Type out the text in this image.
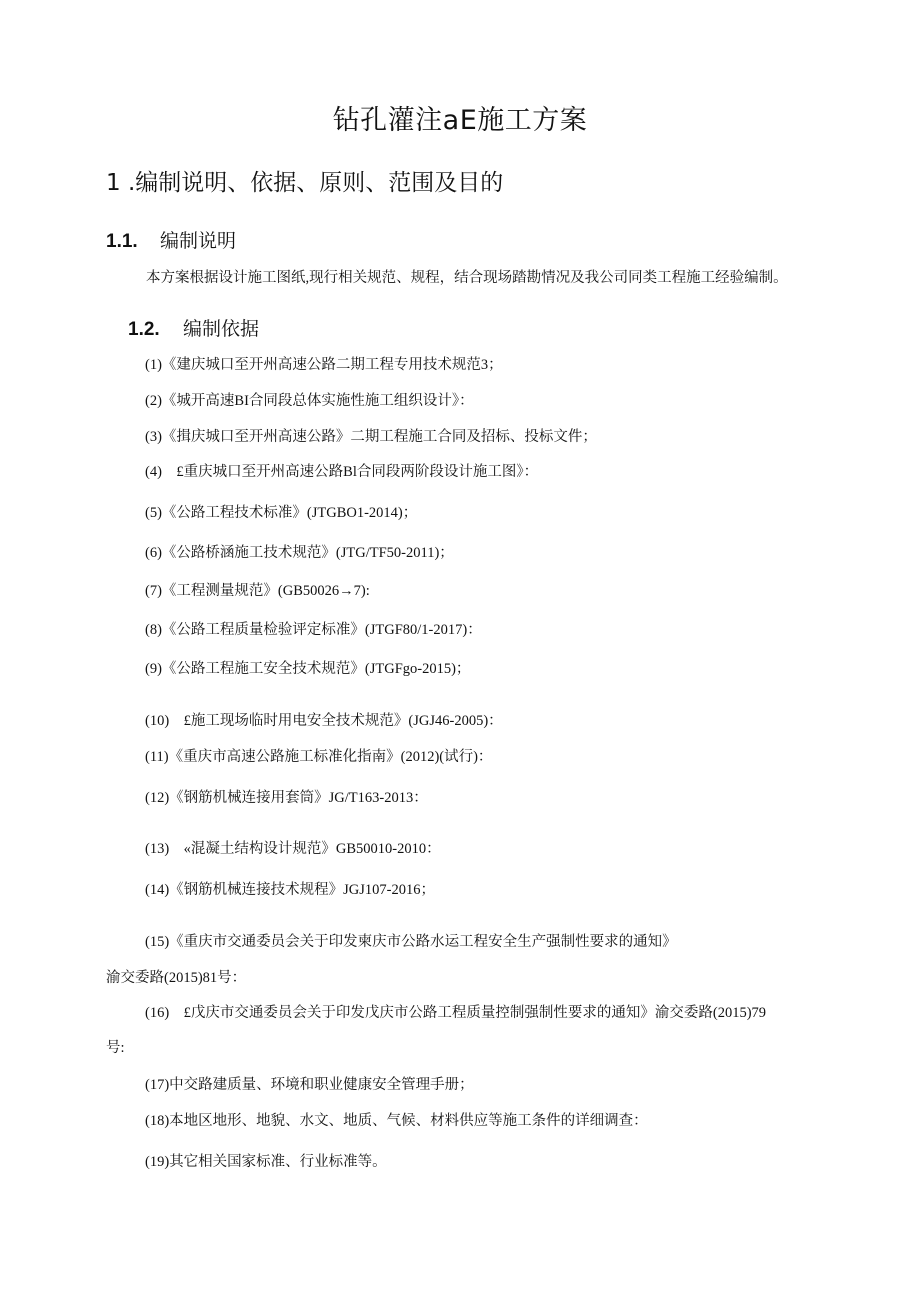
钻孔灌注aE施工方案
1 .编制说明、依据、原则、范围及目的
1.1. 编制说明
本方案根据设计施工图纸,现行相关规范、规程，结合现场踏勘情况及我公司同类工程施工经验编制。
1.2. 编制依据
(1)《建庆城口至开州高速公路二期工程专用技术规范3；
(2)《城开高速BI合同段总体实施性施工组织设计》：
(3)《揖庆城口至开州高速公路》二期工程施工合同及招标、投标文件；
(4)　£重庆城口至开州高速公路Bl合同段两阶段设计施工图》：
(5)《公路工程技术标准》(JTGBO1-2014)；
(6)《公路桥涵施工技术规范》(JTG/TF50-2011)；
(7)《工程测量规范》(GB50026→7):
(8)《公路工程质量检验评定标准》(JTGF80/1-2017)：
(9)《公路工程施工安全技术规范》(JTGFgo-2015)；
(10)　£施工现场临时用电安全技术规范》(JGJ46-2005)：
(11)《重庆市高速公路施工标准化指南》(2012)(试行)：
(12)《钢筋机械连接用套筒》JG/T163-2013：
(13)　«混凝土结构设计规范》GB50010-2010：
(14)《钢筋机械连接技术规程》JGJ107-2016；
(15)《重庆市交通委员会关于印发柬庆市公路水运工程安全生产强制性要求的通知》
渝交委路(2015)81号：
(16)　£戊庆市交通委员会关于印发戊庆市公路工程质量控制强制性要求的通知》渝交委路(2015)79
号:
(17)中交路建质量、环境和职业健康安全管理手册；
(18)本地区地形、地貌、水文、地质、气候、材料供应等施工条件的详细调查：
(19)其它相关国家标准、行业标准等。
